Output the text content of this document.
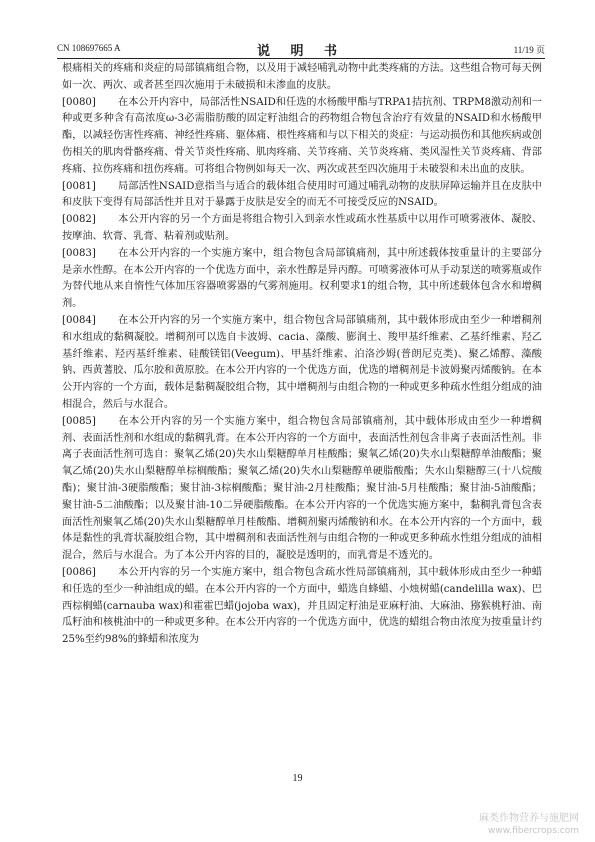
CN 108697665 A	说 明 书	11/19 页

根痛相关的疼痛和炎症的局部镇痛组合物，以及用于减轻哺乳动物中此类疼痛的方法。这些组合物可每天例如一次、两次、或者甚至四次施用于未破损和未渗血的皮肤。

[0080] 在本公开内容中，局部活性NSAID和任选的水杨酸甲酯与TRPA1拮抗剂、TRPM8激动剂和一种或更多种含有高浓度ω-3必需脂肪酸的固定籽油组合的药物组合物包含治疗有效量的NSAID和水杨酸甲酯，以减轻伤害性疼痛、神经性疼痛、躯体痛、根性疼痛和与以下相关的炎症：与运动损伤和其他疾病或创伤相关的肌肉骨骼疼痛、骨关节炎性疼痛、肌肉疼痛、关节疼痛、关节炎疼痛、类风湿性关节炎疼痛、背部疼痛、拉伤疼痛和扭伤疼痛。可将组合物例如每天一次、两次或甚至四次施用于未破裂和未出血的皮肤。

[0081] 局部活性NSAID意指当与适合的载体组合使用时可通过哺乳动物的皮肤屏障运输并且在皮肤中和皮肤下变得有局部活性并且对于暴露于皮肤是安全的而无不可接受反应的NSAID。

[0082] 本公开内容的另一个方面是将组合物引入到亲水性或疏水性基质中以用作可喷雾液体、凝胶、按摩油、软膏、乳膏、粘着剂或贴剂。

[0083] 在本公开内容的一个实施方案中，组合物包含局部镇痛剂，其中所述载体按重量计的主要部分是亲水性醇。在本公开内容的一个优选方面中，亲水性醇是异丙醇。可喷雾液体可从手动泵送的喷雾瓶或作为替代地从来自惰性气体加压容器喷雾器的气雾剂施用。权利要求1的组合物，其中所述载体包含水和增稠剂。

[0084] 在本公开内容的另一个实施方案中，组合物包含局部镇痛剂，其中载体形成由至少一种增稠剂和水组成的黏稠凝胶。增稠剂可以选自卡波姆、cacia、藻酸、膨润土、羧甲基纤维素、乙基纤维素、羟乙基纤维素、羟丙基纤维素、硅酸镁铝(Veegum)、甲基纤维素、泊洛沙姆(普朗尼克类)、聚乙烯醇、藻酸钠、西黄蓍胶、瓜尔胶和黄原胶。在本公开内容的一个优选方面，优选的增稠剂是卡波姆聚丙烯酸钠。在本公开内容的一个方面，载体是黏稠凝胶组合物，其中增稠剂与由组合物的一种或更多种疏水性组分组成的油相混合，然后与水混合。

[0085] 在本公开内容的另一个实施方案中，组合物包含局部镇痛剂，其中载体形成由至少一种增稠剂、表面活性剂和水组成的黏稠乳膏。在本公开内容的一个方面中，表面活性剂包含非离子表面活性剂。非离子表面活性剂可选自：聚氧乙烯(20)失水山梨糖醇单月桂酸酯；聚氧乙烯(20)失水山梨糖醇单油酸酯；聚氧乙烯(20)失水山梨糖醇单棕榈酸酯；聚氧乙烯(20)失水山梨糖醇单硬脂酸酯；失水山梨糖醇三(十八烷酸酯)；聚甘油-3硬脂酸酯；聚甘油-3棕榈酸酯；聚甘油-2月桂酸酯；聚甘油-5月桂酸酯；聚甘油-5油酸酯；聚甘油-5二油酸酯；以及聚甘油-10二异硬脂酸酯。在本公开内容的一个优选实施方案中，黏稠乳膏包含表面活性剂聚氧乙烯(20)失水山梨糖醇单月桂酸酯、增稠剂聚丙烯酸钠和水。在本公开内容的一个方面中，载体是黏性的乳膏状凝胶组合物，其中增稠剂和表面活性剂与由组合物的一种或更多种疏水性组分组成的油相混合，然后与水混合。为了本公开内容的目的，凝胶是透明的，而乳膏是不透光的。

[0086] 本公开内容的另一个实施方案中，组合物包含疏水性局部镇痛剂，其中载体形成由至少一种蜡和任选的至少一种油组成的蜡。在本公开内容的一个方面中，蜡选自蜂蜡、小烛树蜡(candelilla wax)、巴西棕榈蜡(carnauba wax)和霍霍巴蜡(jojoba wax)，并且固定籽油是亚麻籽油、大麻油、猕猴桃籽油、南瓜籽油和核桃油中的一种或更多种。在本公开内容的一个优选方面中，优选的蜡组合物由浓度为按重量计约25%至约98%的蜂蜡和浓度为

19
麻类作物营养与施肥网
www.fibercrops.com
